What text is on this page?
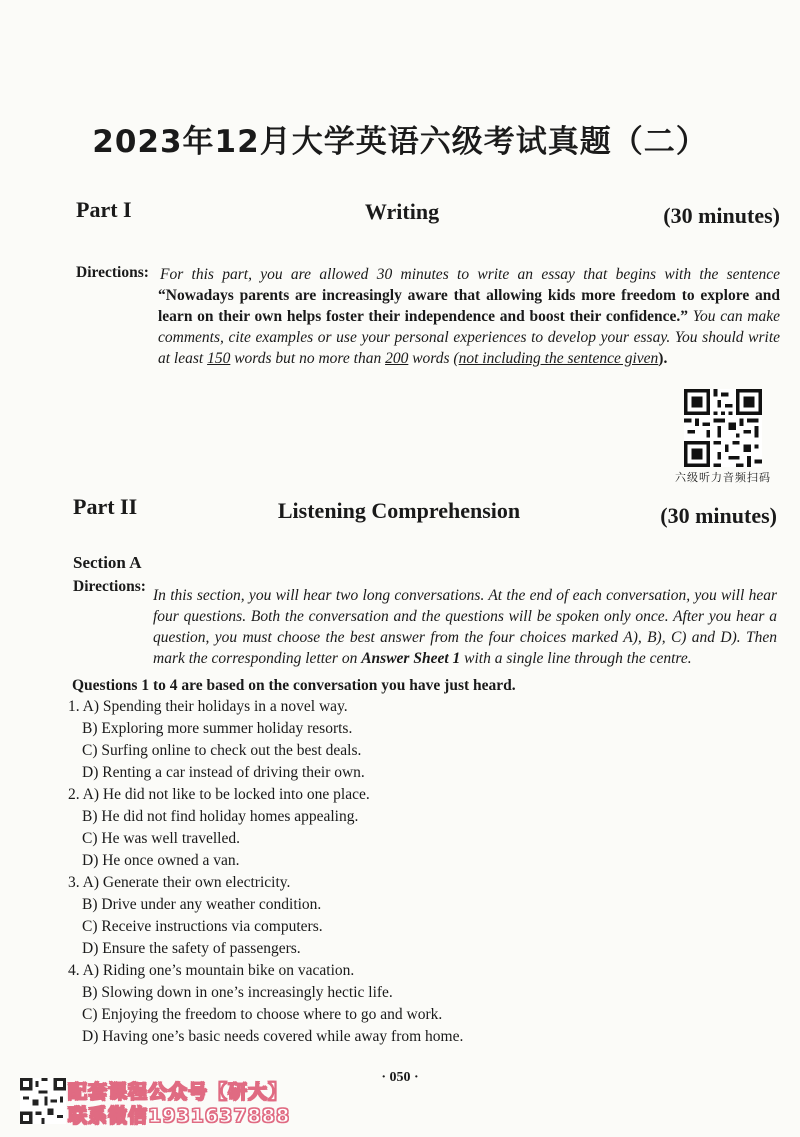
2023年12月大学英语六级考试真题（二）
Part I	Writing	(30 minutes)
Directions: For this part, you are allowed 30 minutes to write an essay that begins with the sentence “Nowadays parents are increasingly aware that allowing kids more freedom to explore and learn on their own helps foster their independence and boost their confidence.” You can make comments, cite examples or use your personal experiences to develop your essay. You should write at least 150 words but no more than 200 words (not including the sentence given).
六级听力音频扫码
Part II	Listening Comprehension	(30 minutes)
Section A
Directions:
In this section, you will hear two long conversations. At the end of each conversation, you will hear four questions. Both the conversation and the questions will be spoken only once. After you hear a question, you must choose the best answer from the four choices marked A), B), C) and D). Then mark the corresponding letter on Answer Sheet 1 with a single line through the centre.
Questions 1 to 4 are based on the conversation you have just heard.
1. A) Spending their holidays in a novel way.
B) Exploring more summer holiday resorts.
C) Surfing online to check out the best deals.
D) Renting a car instead of driving their own.
2. A) He did not like to be locked into one place.
B) He did not find holiday homes appealing.
C) He was well travelled.
D) He once owned a van.
3. A) Generate their own electricity.
B) Drive under any weather condition.
C) Receive instructions via computers.
D) Ensure the safety of passengers.
4. A) Riding one’s mountain bike on vacation.
B) Slowing down in one’s increasingly hectic life.
C) Enjoying the freedom to choose where to go and work.
D) Having one’s basic needs covered while away from home.
· 050 ·
配套课程公众号【研大】
联系微信1931637888
